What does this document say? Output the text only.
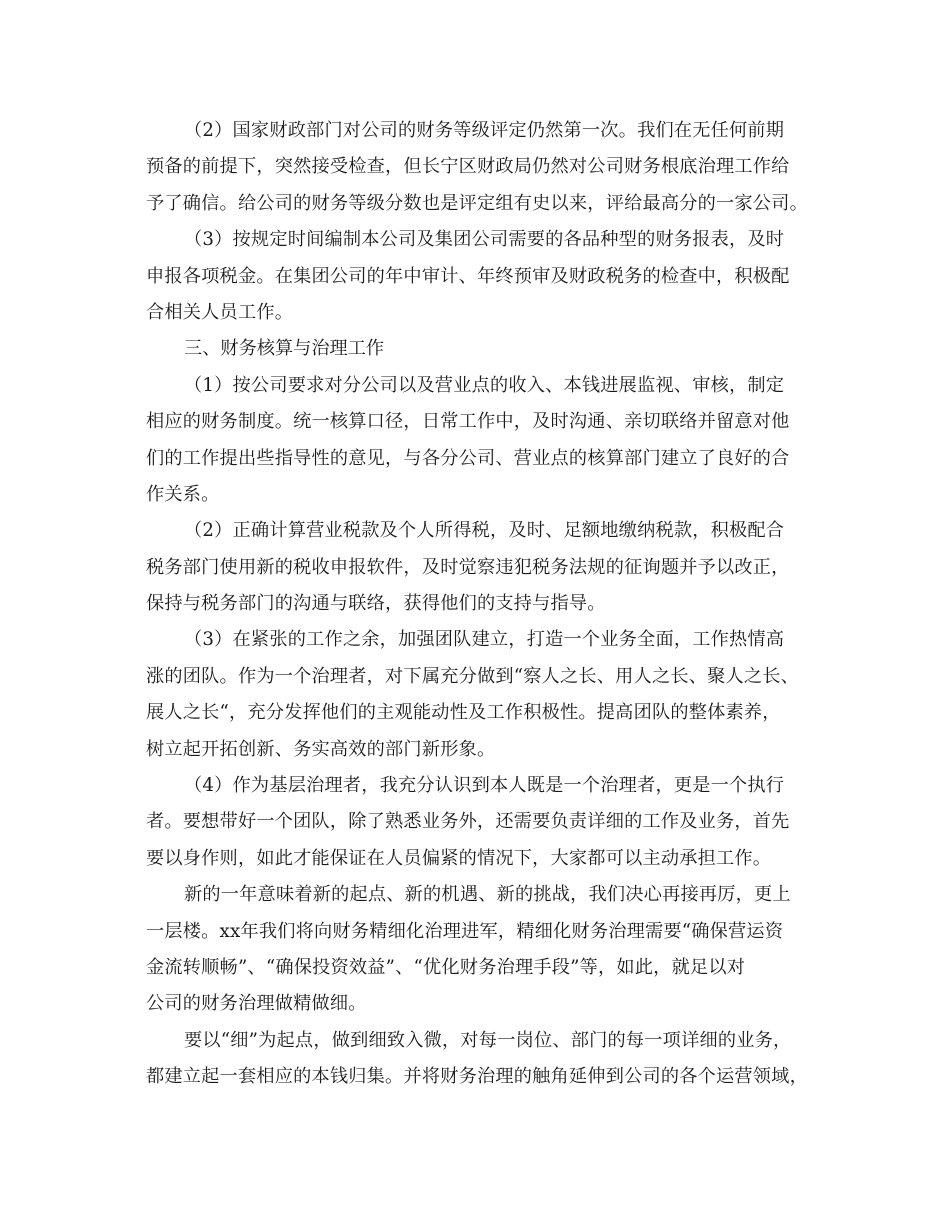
（2）国家财政部门对公司的财务等级评定仍然第一次。我们在无任何前期
预备的前提下，突然接受检查，但长宁区财政局仍然对公司财务根底治理工作给
予了确信。给公司的财务等级分数也是评定组有史以来，评给最高分的一家公司。

（3）按规定时间编制本公司及集团公司需要的各品种型的财务报表，及时
申报各项税金。在集团公司的年中审计、年终预审及财政税务的检查中，积极配
合相关人员工作。

三、财务核算与治理工作

（1）按公司要求对分公司以及营业点的收入、本钱进展监视、审核，制定
相应的财务制度。统一核算口径，日常工作中，及时沟通、亲切联络并留意对他
们的工作提出些指导性的意见，与各分公司、营业点的核算部门建立了良好的合
作关系。

（2）正确计算营业税款及个人所得税，及时、足额地缴纳税款，积极配合
税务部门使用新的税收申报软件，及时觉察违犯税务法规的征询题并予以改正，
保持与税务部门的沟通与联络，获得他们的支持与指导。

（3）在紧张的工作之余，加强团队建立，打造一个业务全面，工作热情高
涨的团队。作为一个治理者，对下属充分做到“察人之长、用人之长、聚人之长、
展人之长“，充分发挥他们的主观能动性及工作积极性。提高团队的整体素养，
树立起开拓创新、务实高效的部门新形象。

（4）作为基层治理者，我充分认识到本人既是一个治理者，更是一个执行
者。要想带好一个团队，除了熟悉业务外，还需要负责详细的工作及业务，首先
要以身作则，如此才能保证在人员偏紧的情况下，大家都可以主动承担工作。

新的一年意味着新的起点、新的机遇、新的挑战，我们决心再接再厉，更上
一层楼。xx年我们将向财务精细化治理进军，精细化财务治理需要“确保营运资
金流转顺畅”、“确保投资效益”、“优化财务治理手段”等，如此，就足以对
公司的财务治理做精做细。

要以“细”为起点，做到细致入微，对每一岗位、部门的每一项详细的业务，
都建立起一套相应的本钱归集。并将财务治理的触角延伸到公司的各个运营领域，
